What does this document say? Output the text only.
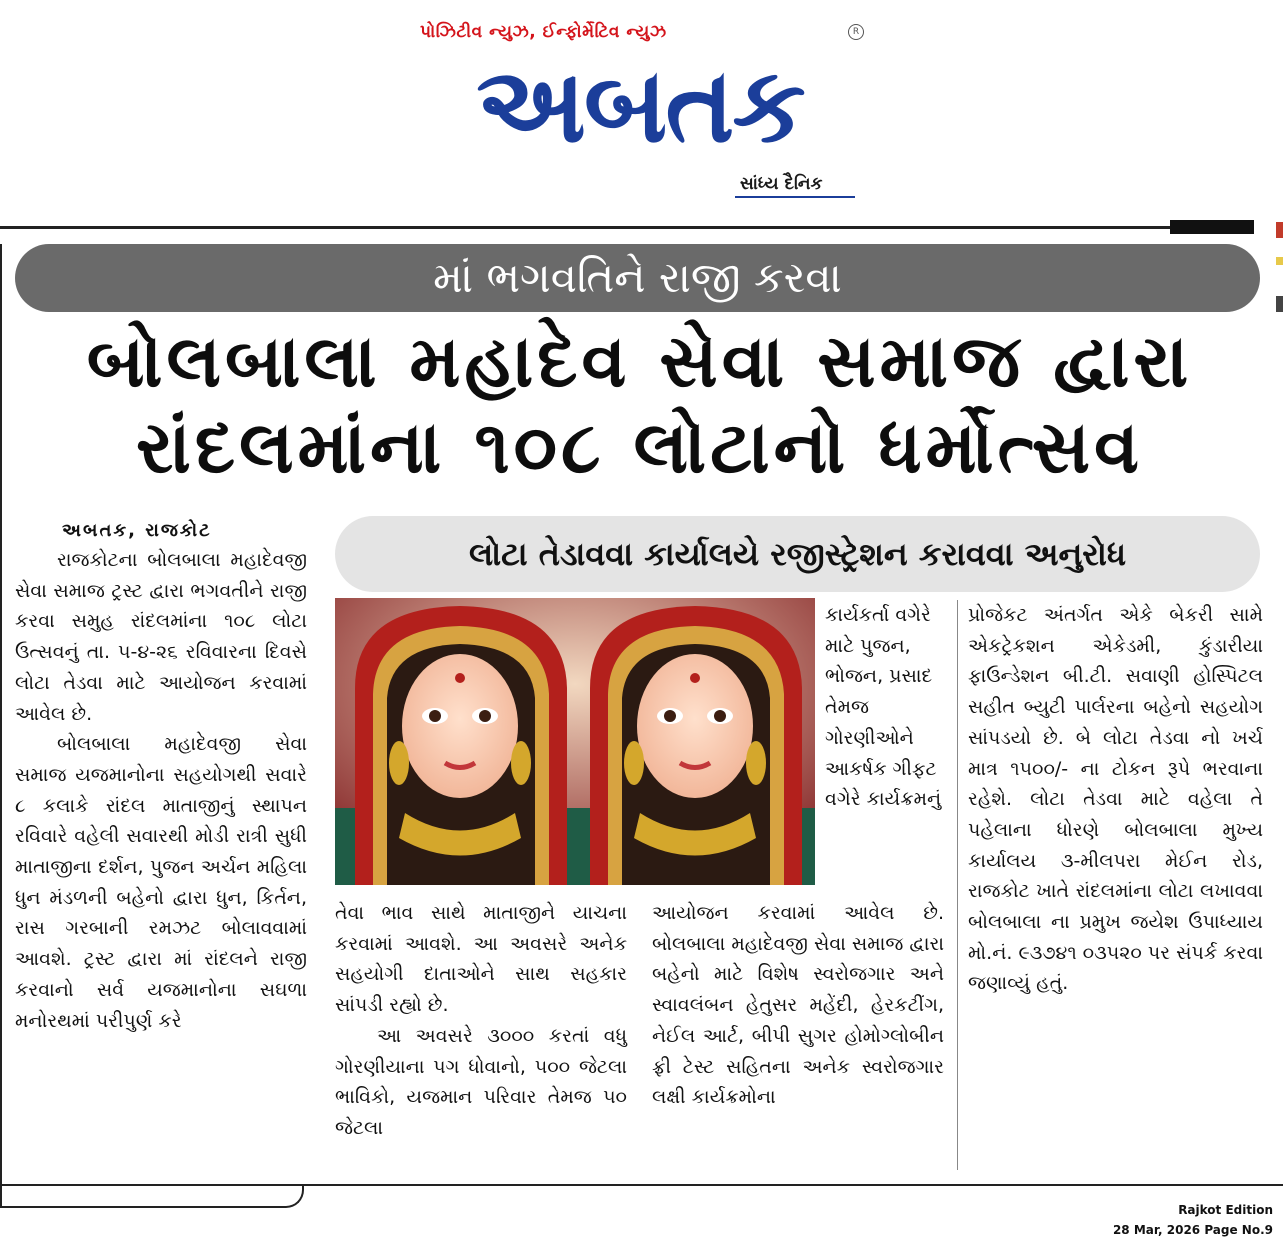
પોઝિટીવ ન્યુઝ, ઈન્ફોર્મેટિવ ન્યુઝ	R
અબતક
સાંધ્ય દૈનિક
માં ભગવતિને રાજી કરવા
બોલબાલા મહાદેવ સેવા સમાજ દ્વારા
રાંદલમાંના ૧૦૮ લોટાનો ધર્મોત્સવ
લોટા તેડાવવા કાર્યાલયે રજીસ્ટ્રેશન કરાવવા અનુરોધ
અબતક, રાજકોટ

રાજકોટના બોલબાલા મહાદેવજી સેવા સમાજ ટ્રસ્ટ દ્વારા ભગવતીને રાજી કરવા સમુહ રાંદલમાંના ૧૦૮ લોટા ઉત્સવનું તા. ૫-૪-૨૬ રવિવારના દિવસે લોટા તેડવા માટે આયોજન કરવામાં આવેલ છે.

બોલબાલા મહાદેવજી સેવા સમાજ યજમાનોના સહયોગથી સવારે ૮ કલાકે રાંદલ માતાજીનું સ્થાપન રવિવારે વહેલી સવારથી મોડી રાત્રી સુધી માતાજીના દર્શન, પુજન અર્ચન મહિલા ધુન મંડળની બહેનો દ્વારા ધુન, કિર્તન, રાસ ગરબાની રમઝટ બોલાવવામાં આવશે. ટ્રસ્ટ દ્વારા માં રાંદલને રાજી કરવાનો સર્વ યજમાનોના સઘળા મનોરથમાં પરીપુર્ણ કરે

કાર્યકર્તા વગેરે માટે પુજન, ભોજન, પ્રસાદ તેમજ ગોરણીઓને આકર્ષક ગીફટ વગેરે કાર્યક્રમનું

પ્રોજેકટ અંતર્ગત એકે બેકરી સામે એકટ્રેકશન એકેડમી, કુંડારીયા ફાઉન્ડેશન બી.ટી. સવાણી હોસ્પિટલ સહીત બ્યુટી પાર્લરના બહેનો સહયોગ સાંપડયો છે. બે લોટા તેડવા નો ખર્ચ માત્ર ૧૫૦૦/- ના ટોકન રૂપે ભરવાના રહેશે. લોટા તેડવા માટે વહેલા તે પહેલાના ધોરણે બોલબાલા મુખ્ય કાર્યાલય ૩-મીલપરા મેઈન રોડ, રાજકોટ ખાતે રાંદલમાંના લોટા લખાવવા બોલબાલા ના પ્રમુખ જયેશ ઉપાધ્યાય મો.નં. ૯૩૭૪૧ ૦૩૫૨૦ પર સંપર્ક કરવા જણાવ્યું હતું.

તેવા ભાવ સાથે માતાજીને યાચના કરવામાં આવશે. આ અવસરે અનેક સહયોગી દાતાઓને સાથ સહકાર સાંપડી રહ્યો છે.

આ અવસરે ૩૦૦૦ કરતાં વધુ ગોરણીયાના પગ ધોવાનો, ૫૦૦ જેટલા ભાવિકો, યજમાન પરિવાર તેમજ ૫૦ જેટલા

આયોજન કરવામાં આવેલ છે. બોલબાલા મહાદેવજી સેવા સમાજ દ્વારા બહેનો માટે વિશેષ સ્વરોજગાર અને સ્વાવલંબન હેતુસર મહેંદી, હેરકટીંગ, નેઈલ આર્ટ, બીપી સુગર હોમોગ્લોબીન ફ્રી ટેસ્ટ સહિતના અનેક સ્વરોજગાર લક્ષી કાર્યક્રમોના

Rajkot Edition
28 Mar, 2026 Page No.9
